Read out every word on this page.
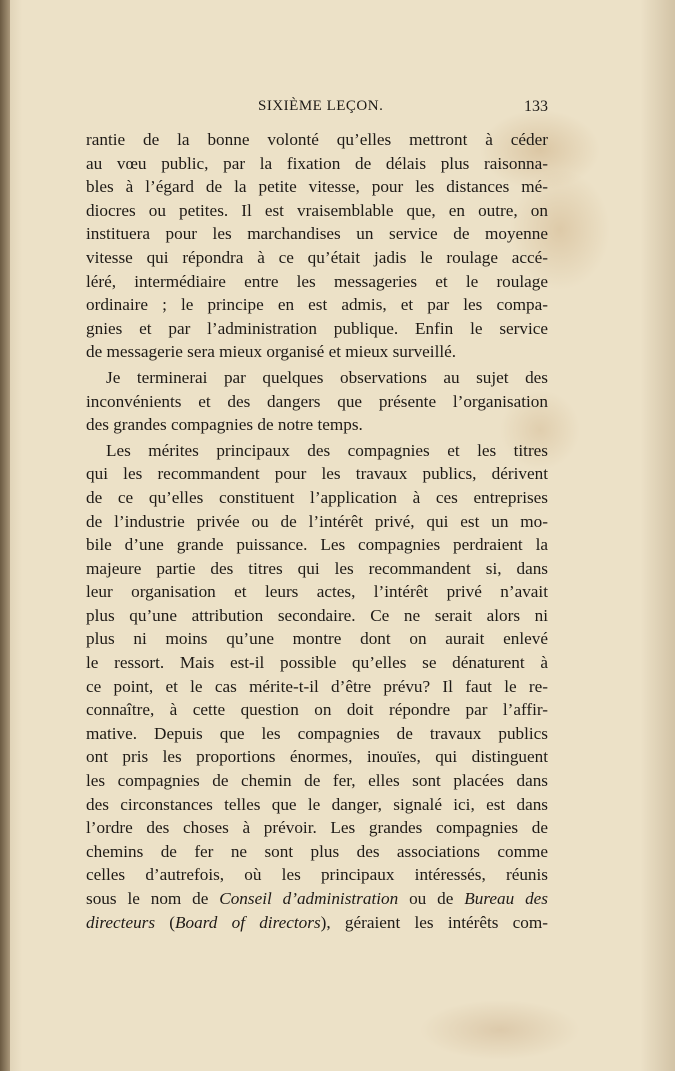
SIXIÈME LEÇON.	133
rantie de la bonne volonté qu’elles mettront à céder
au vœu public, par la fixation de délais plus raisonna-
bles à l’égard de la petite vitesse, pour les distances mé-
diocres ou petites. Il est vraisemblable que, en outre, on
instituera pour les marchandises un service de moyenne
vitesse qui répondra à ce qu’était jadis le roulage accé-
léré, intermédiaire entre les messageries et le roulage
ordinaire ; le principe en est admis, et par les compa-
gnies et par l’administration publique. Enfin le service
de messagerie sera mieux organisé et mieux surveillé.
Je terminerai par quelques observations au sujet des
inconvénients et des dangers que présente l’organisation
des grandes compagnies de notre temps.
Les mérites principaux des compagnies et les titres
qui les recommandent pour les travaux publics, dérivent
de ce qu’elles constituent l’application à ces entreprises
de l’industrie privée ou de l’intérêt privé, qui est un mo-
bile d’une grande puissance. Les compagnies perdraient la
majeure partie des titres qui les recommandent si, dans
leur organisation et leurs actes, l’intérêt privé n’avait
plus qu’une attribution secondaire. Ce ne serait alors ni
plus ni moins qu’une montre dont on aurait enlevé
le ressort. Mais est-il possible qu’elles se dénaturent à
ce point, et le cas mérite-t-il d’être prévu? Il faut le re-
connaître, à cette question on doit répondre par l’affir-
mative. Depuis que les compagnies de travaux publics
ont pris les proportions énormes, inouïes, qui distinguent
les compagnies de chemin de fer, elles sont placées dans
des circonstances telles que le danger, signalé ici, est dans
l’ordre des choses à prévoir. Les grandes compagnies de
chemins de fer ne sont plus des associations comme
celles d’autrefois, où les principaux intéressés, réunis
sous le nom de Conseil d’administration ou de Bureau des
directeurs (Board of directors), géraient les intérêts com-
